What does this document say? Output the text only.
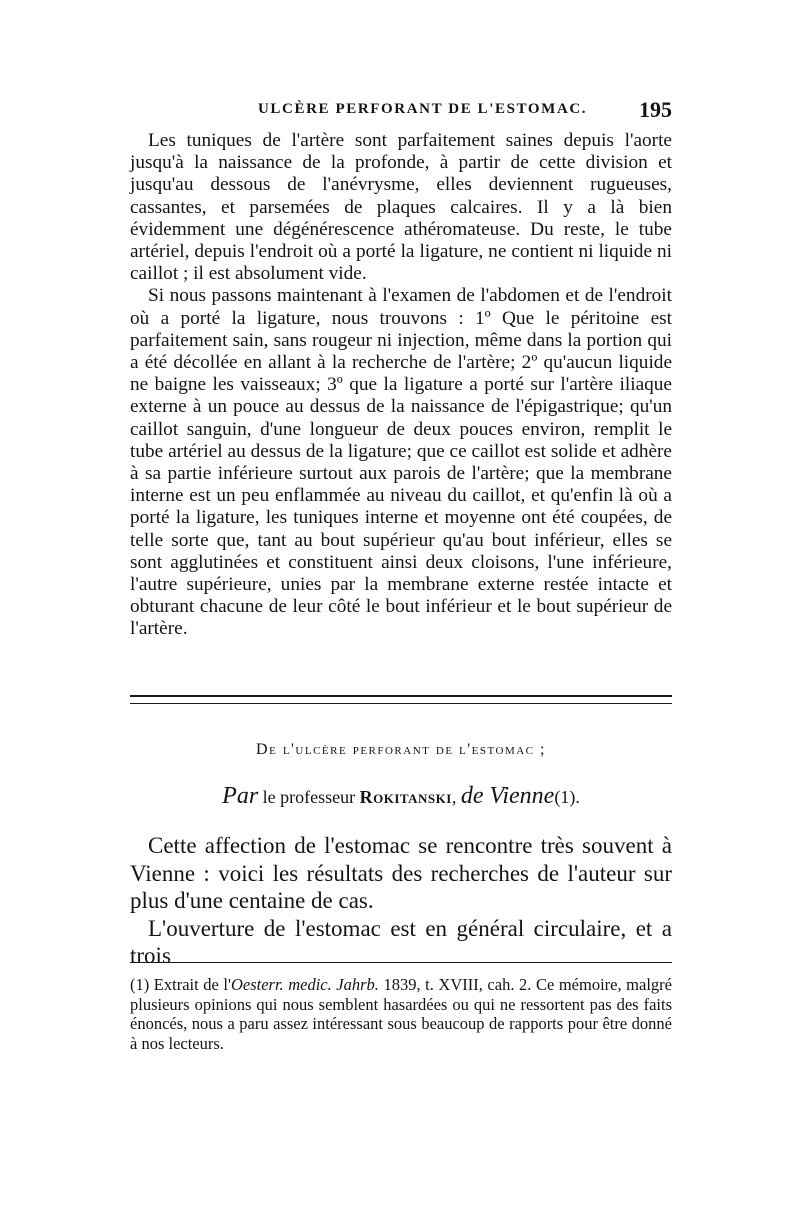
ULCÈRE PERFORANT DE L'ESTOMAC. 195

Les tuniques de l'artère sont parfaitement saines depuis l'aorte jusqu'à la naissance de la profonde, à partir de cette division et jusqu'au dessous de l'anévrysme, elles deviennent rugueuses, cassantes, et parsemées de plaques calcaires. Il y a là bien évidemment une dégénérescence athéromateuse. Du reste, le tube artériel, depuis l'endroit où a porté la ligature, ne contient ni liquide ni caillot ; il est absolument vide.

Si nous passons maintenant à l'examen de l'abdomen et de l'endroit où a porté la ligature, nous trouvons : 1º Que le péritoine est parfaitement sain, sans rougeur ni injection, même dans la portion qui a été décollée en allant à la recherche de l'artère; 2º qu'aucun liquide ne baigne les vaisseaux; 3º que la ligature a porté sur l'artère iliaque externe à un pouce au dessus de la naissance de l'épigastrique; qu'un caillot sanguin, d'une longueur de deux pouces environ, remplit le tube artériel au dessus de la ligature; que ce caillot est solide et adhère à sa partie inférieure surtout aux parois de l'artère; que la membrane interne est un peu enflammée au niveau du caillot, et qu'enfin là où a porté la ligature, les tuniques interne et moyenne ont été coupées, de telle sorte que, tant au bout supérieur qu'au bout inférieur, elles se sont agglutinées et constituent ainsi deux cloisons, l'une inférieure, l'autre supérieure, unies par la membrane externe restée intacte et obturant chacune de leur côté le bout inférieur et le bout supérieur de l'artère.

De l'ulcère perforant de l'estomac ;
Par le professeur Rokitanski, de Vienne(1).

Cette affection de l'estomac se rencontre très souvent à Vienne : voici les résultats des recherches de l'auteur sur plus d'une centaine de cas.

L'ouverture de l'estomac est en général circulaire, et a trois

(1) Extrait de l'Oesterr. medic. Jahrb. 1839, t. XVIII, cah. 2. Ce mémoire, malgré plusieurs opinions qui nous semblent hasardées ou qui ne ressortent pas des faits énoncés, nous a paru assez intéressant sous beaucoup de rapports pour être donné à nos lecteurs.
